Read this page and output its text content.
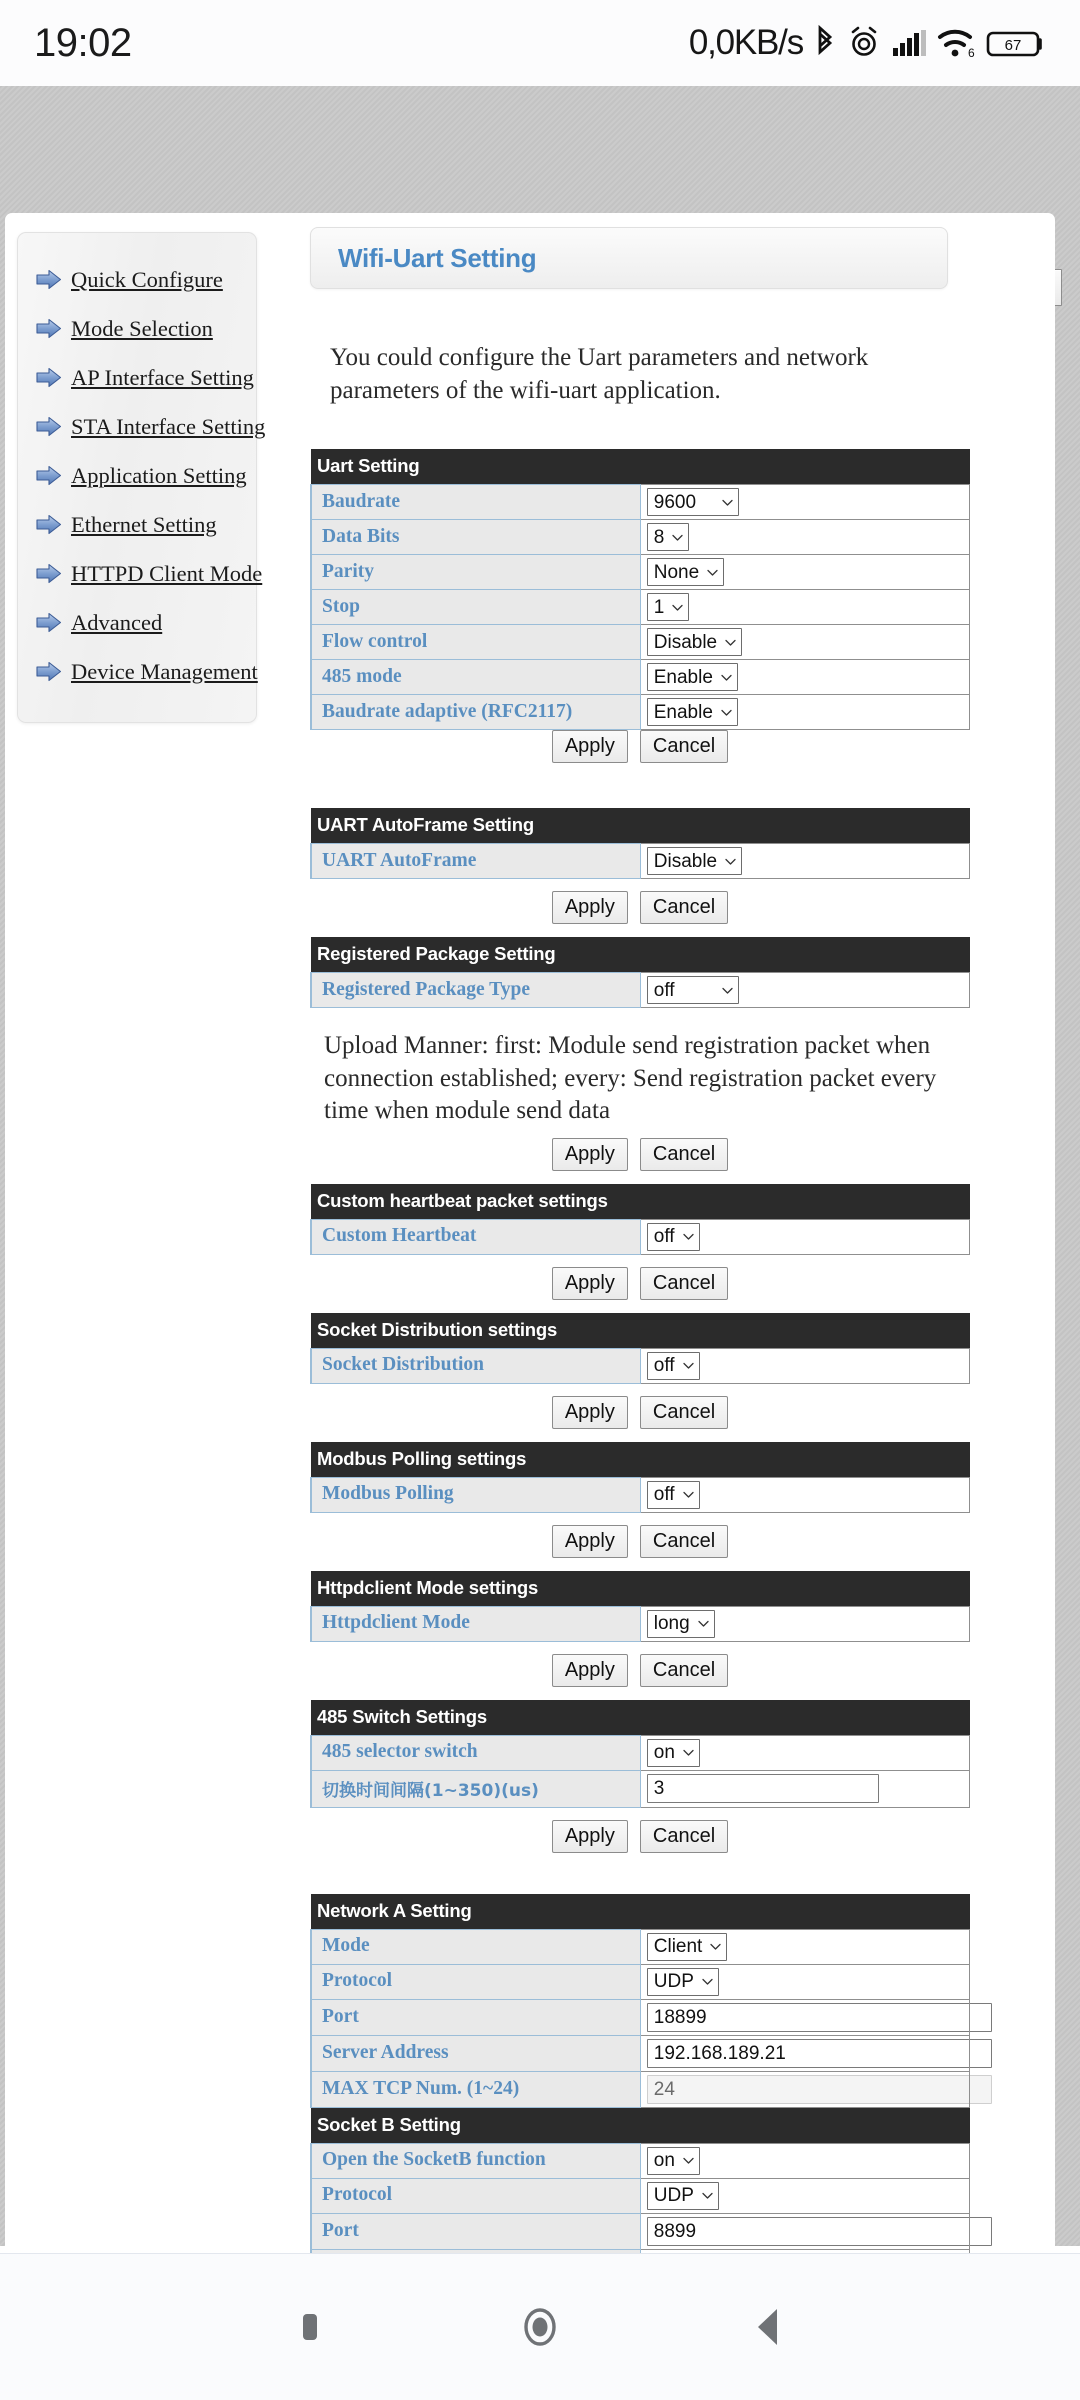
19:02	0,0KB/s	6 67
Quick Configure
Mode Selection
AP Interface Setting
STA Interface Setting
Application Setting
Ethernet Setting
HTTPD Client Mode
Advanced
Device Management
Wifi-Uart Setting

You could configure the Uart parameters and network parameters of the wifi-uart application.

Uart Setting	
Baudrate	9600

Data Bits	8

Parity	None

Stop	1

Flow control	Disable

485 mode	Enable

Baudrate adaptive (RFC2117)	Enable
Apply	Cancel
UART AutoFrame Setting
UART AutoFrame	Disable
Apply	Cancel
Registered Package Setting
Registered Package Type	off

Upload Manner: first: Module send registration packet when connection established; every: Send registration packet every time when module send data

Apply	Cancel
Custom heartbeat packet settings
Custom Heartbeat	off
Apply	Cancel
Socket Distribution settings
Socket Distribution	off
Apply	Cancel
Modbus Polling settings
Modbus Polling	off
Apply	Cancel
Httpdclient Mode settings
Httpdclient Mode	long
Apply	Cancel
485 Switch Settings	
485 selector switch	on

切换时间间隔(1~350)(us)	3
Apply	Cancel
Network A Setting	
Mode	Client

Protocol	UDP

Port	18899

Server Address	192.168.189.21

MAX TCP Num. (1~24)	24
Socket B Setting	
Open the SocketB function	on

Protocol	UDP

Port	8899
